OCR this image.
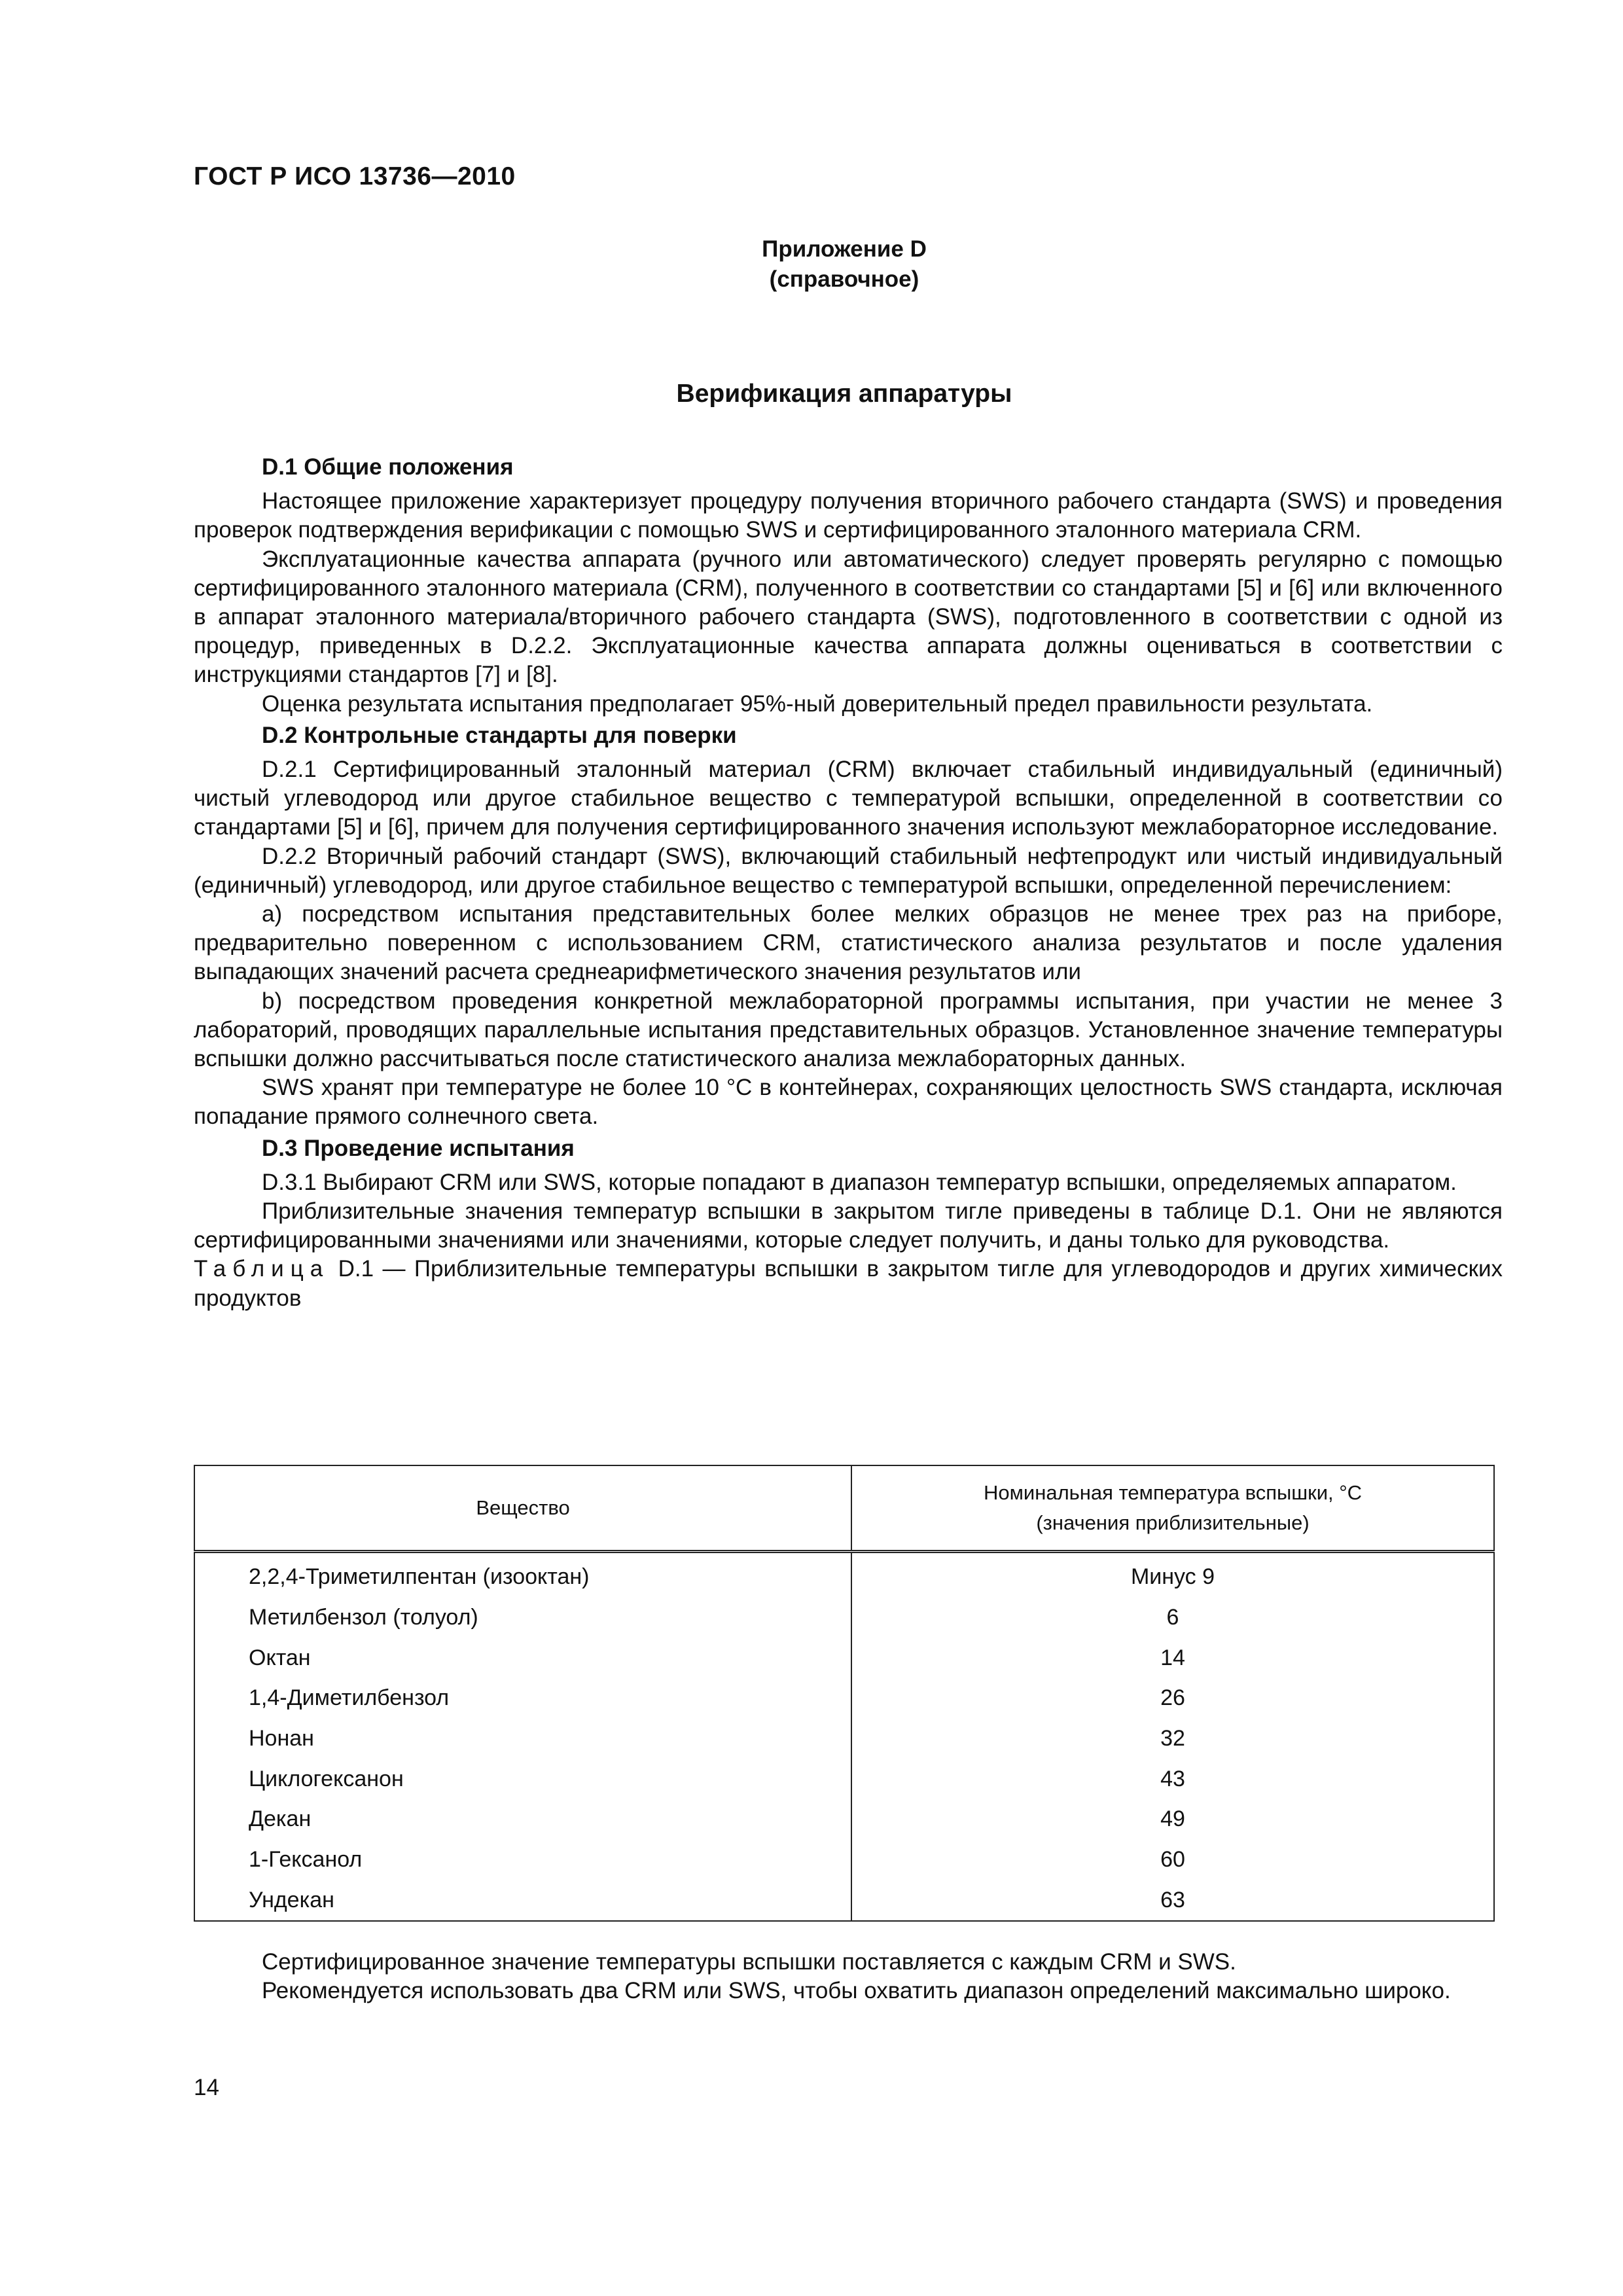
ГОСТ Р ИСО 13736—2010
Приложение D
(справочное)
Верификация аппаратуры
D.1 Общие положения

Настоящее приложение характеризует процедуру получения вторичного рабочего стандарта (SWS) и проведения проверок подтверждения верификации с помощью SWS и сертифицированного эталонного материала CRM.

Эксплуатационные качества аппарата (ручного или автоматического) следует проверять регулярно с помощью сертифицированного эталонного материала (CRM), полученного в соответствии со стандартами [5] и [6] или включенного в аппарат эталонного материала/вторичного рабочего стандарта (SWS), подготовленного в соответствии с одной из процедур, приведенных в D.2.2. Эксплуатационные качества аппарата должны оцениваться в соответствии с инструкциями стандартов [7] и [8].

Оценка результата испытания предполагает 95%-ный доверительный предел правильности результата.

D.2 Контрольные стандарты для поверки

D.2.1 Сертифицированный эталонный материал (CRM) включает стабильный индивидуальный (единичный) чистый углеводород или другое стабильное вещество с температурой вспышки, определенной в соответствии со стандартами [5] и [6], причем для получения сертифицированного значения используют межлабораторное исследование.

D.2.2 Вторичный рабочий стандарт (SWS), включающий стабильный нефтепродукт или чистый индивидуальный (единичный) углеводород, или другое стабильное вещество с температурой вспышки, определенной перечислением:

a) посредством испытания представительных более мелких образцов не менее трех раз на приборе, предварительно поверенном с использованием CRM, статистического анализа результатов и после удаления выпадающих значений расчета среднеарифметического значения результатов или

b) посредством проведения конкретной межлабораторной программы испытания, при участии не менее 3 лабораторий, проводящих параллельные испытания представительных образцов. Установленное значение температуры вспышки должно рассчитываться после статистического анализа межлабораторных данных.

SWS хранят при температуре не более 10 °С в контейнерах, сохраняющих целостность SWS стандарта, исключая попадание прямого солнечного света.

D.3 Проведение испытания

D.3.1 Выбирают CRM или SWS, которые попадают в диапазон температур вспышки, определяемых аппаратом.

Приблизительные значения температур вспышки в закрытом тигле приведены в таблице D.1. Они не являются сертифицированными значениями или значениями, которые следует получить, и даны только для руководства.

Таблица D.1 — Приблизительные температуры вспышки в закрытом тигле для углеводородов и других химических продуктов

Вещество	Номинальная температура вспышки, °С
(значения приблизительные)
2,2,4-Триметилпентан (изооктан)	Минус 9
Метилбензол (толуол)	6
Октан	14
1,4-Диметилбензол	26
Нонан	32
Циклогексанон	43
Декан	49
1-Гексанол	60
Ундекан	63

Сертифицированное значение температуры вспышки поставляется с каждым CRM и SWS.

Рекомендуется использовать два CRM или SWS, чтобы охватить диапазон определений максимально широко.

14
